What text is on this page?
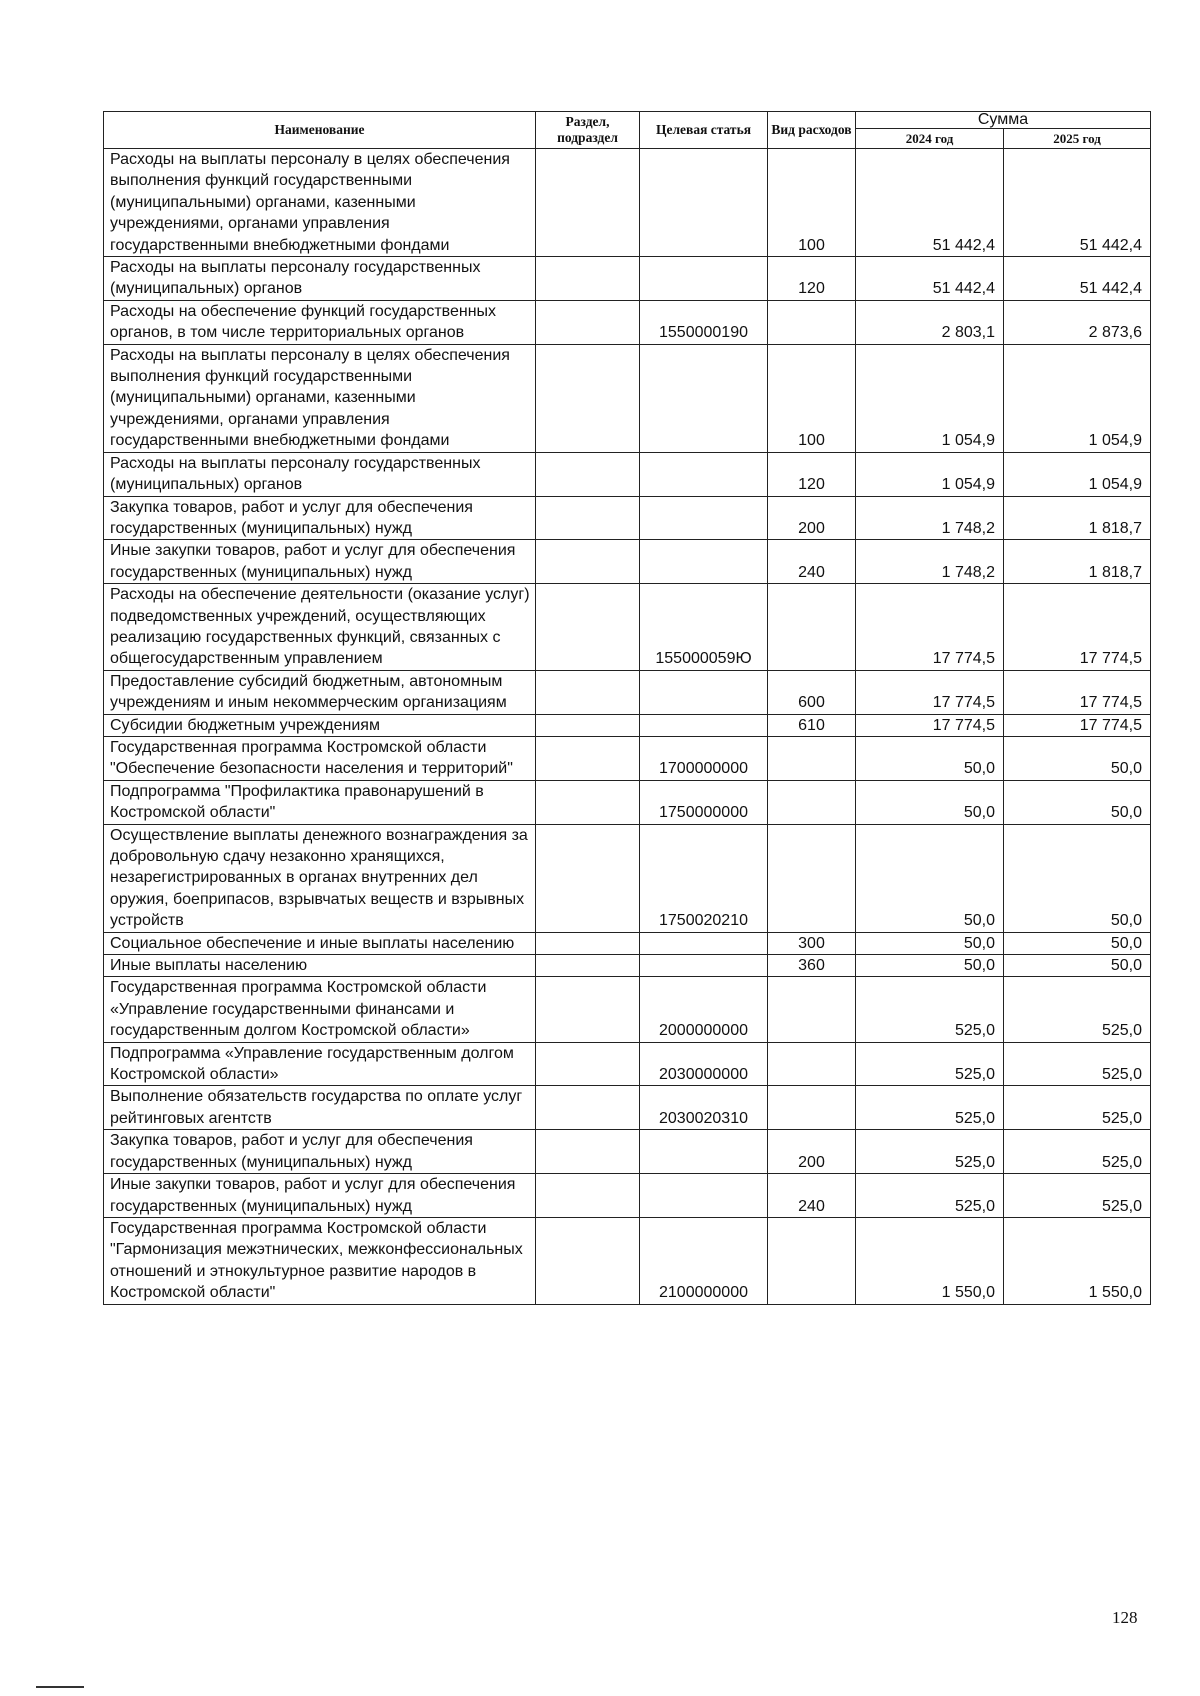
Наименование	Раздел, подраздел	Целевая статья	Вид расходов	Сумма	
				2024 год	2025 год
Расходы на выплаты персоналу в целях обеспечения выполнения функций государственными (муниципальными) органами, казенными учреждениями, органами управления государственными внебюджетными фондами			100	51 442,4	51 442,4
Расходы на выплаты персоналу государственных (муниципальных) органов			120	51 442,4	51 442,4
Расходы на обеспечение функций государственных органов, в том числе территориальных органов		1550000190		2 803,1	2 873,6
Расходы на выплаты персоналу в целях обеспечения выполнения функций государственными (муниципальными) органами, казенными учреждениями, органами управления государственными внебюджетными фондами			100	1 054,9	1 054,9
Расходы на выплаты персоналу государственных (муниципальных) органов			120	1 054,9	1 054,9
Закупка товаров, работ и услуг для обеспечения государственных (муниципальных) нужд			200	1 748,2	1 818,7
Иные закупки товаров, работ и услуг для обеспечения государственных (муниципальных) нужд			240	1 748,2	1 818,7
Расходы на обеспечение деятельности (оказание услуг) подведомственных учреждений, осуществляющих реализацию государственных функций, связанных с общегосударственным управлением		155000059Ю		17 774,5	17 774,5
Предоставление субсидий бюджетным, автономным учреждениям и иным некоммерческим организациям			600	17 774,5	17 774,5
Субсидии бюджетным учреждениям			610	17 774,5	17 774,5
Государственная программа Костромской области "Обеспечение безопасности населения и территорий"		1700000000		50,0	50,0
Подпрограмма "Профилактика правонарушений в Костромской области"		1750000000		50,0	50,0
Осуществление выплаты денежного вознаграждения за добровольную сдачу незаконно хранящихся, незарегистрированных в органах внутренних дел оружия, боеприпасов, взрывчатых веществ и взрывных устройств		1750020210		50,0	50,0
Социальное обеспечение и иные выплаты населению			300	50,0	50,0
Иные выплаты населению			360	50,0	50,0
Государственная программа Костромской области «Управление государственными финансами и государственным долгом Костромской области»		2000000000		525,0	525,0
Подпрограмма «Управление государственным долгом Костромской области»		2030000000		525,0	525,0
Выполнение обязательств государства по оплате услуг рейтинговых агентств		2030020310		525,0	525,0
Закупка товаров, работ и услуг для обеспечения государственных (муниципальных) нужд			200	525,0	525,0
Иные закупки товаров, работ и услуг для обеспечения государственных (муниципальных) нужд			240	525,0	525,0
Государственная программа Костромской области "Гармонизация межэтнических, межконфессиональных отношений и этнокультурное развитие народов в Костромской области"		2100000000		1 550,0	1 550,0
128
